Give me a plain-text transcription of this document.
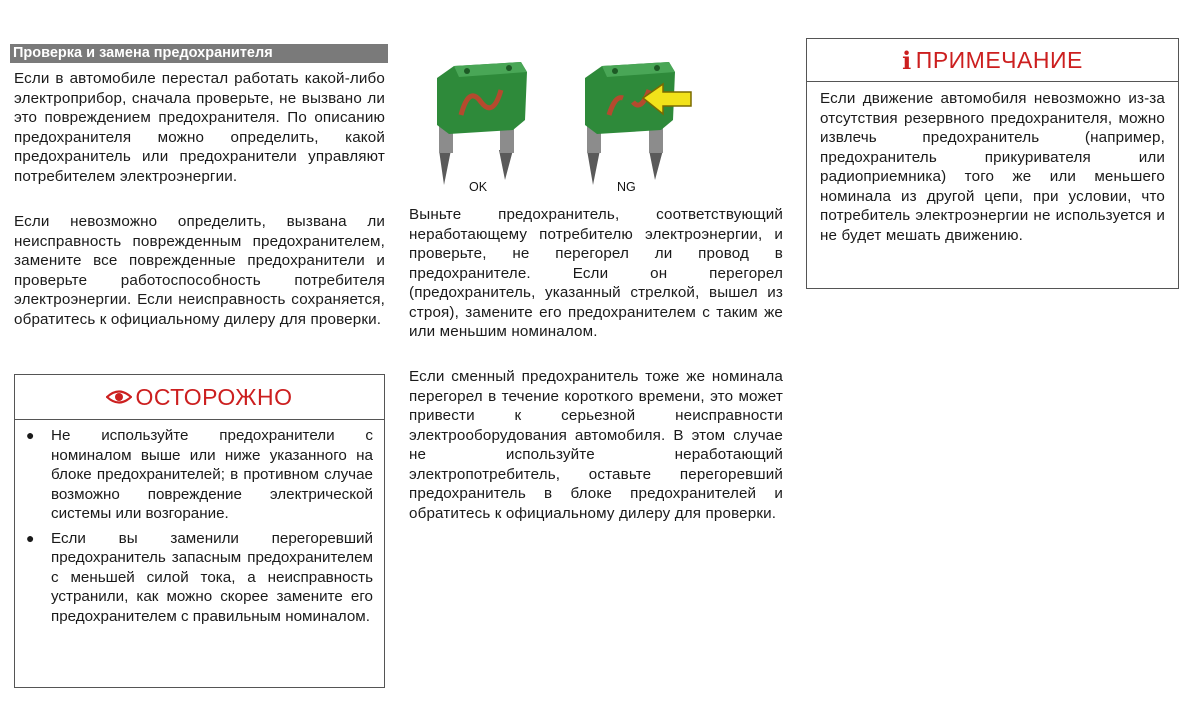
Проверка и замена предохранителя

Если в автомобиле перестал работать какой-либо электроприбор, сначала проверьте, не вызвано ли это повреждением предохранителя. По описанию предохранителя можно определить, какой предохранитель или предохранители управляют потребителем электроэнергии.

Если невозможно определить, вызвана ли неисправность поврежденным предохранителем, замените все поврежденные предохранители и проверьте работоспособность потребителя электроэнергии. Если неисправность сохраняется, обратитесь к официальному дилеру для проверки.

ОСТОРОЖНО
● Не используйте предохранители с номиналом выше или ниже указанного на блоке предохранителей; в противном случае возможно повреждение электрической системы или возгорание.
● Если вы заменили перегоревший предохранитель запасным предохранителем с меньшей силой тока, а неисправность устранили, как можно скорее замените его предохранителем с правильным номиналом.
OK	NG

Выньте предохранитель, соответствующий неработающему потребителю электроэнергии, и проверьте, не перегорел ли провод в предохранителе. Если он перегорел (предохранитель, указанный стрелкой, вышел из строя), замените его предохранителем с таким же или меньшим номиналом.

Если сменный предохранитель тоже же номинала перегорел в течение короткого времени, это может привести к серьезной неисправности электрооборудования автомобиля. В этом случае не используйте неработающий электропотребитель, оставьте перегоревший предохранитель в блоке предохранителей и обратитесь к официальному дилеру для проверки.

i ПРИМЕЧАНИЕ

Если движение автомобиля невозможно из-за отсутствия резервного предохранителя, можно извлечь предохранитель (например, предохранитель прикуривателя или радиоприемника) того же или меньшего номинала из другой цепи, при условии, что потребитель электроэнергии не используется и не будет мешать движению.
